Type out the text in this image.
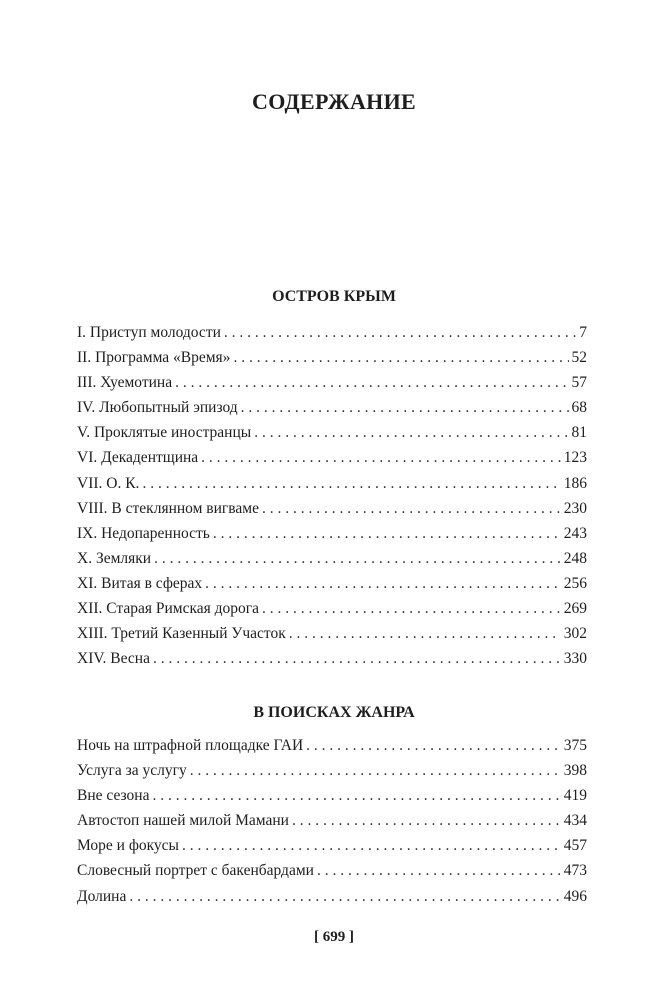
СОДЕРЖАНИЕ
ОСТРОВ КРЫМ
I. Приступ молодости . . .	7
II. Программа «Время» . . .	52
III. Хуемотина . . .	57
IV. Любопытный эпизод . . .	68
V. Проклятые иностранцы . . .	81
VI. Декадентщина . . .	123
VII. О. К. . . .	186
VIII. В стеклянном вигваме . . .	230
IX. Недопаренность . . .	243
X. Земляки . . .	248
XI. Витая в сферах . . .	256
XII. Старая Римская дорога . . .	269
XIII. Третий Казенный Участок . . .	302
XIV. Весна . . .	330
В ПОИСКАХ ЖАНРА
Ночь на штрафной площадке ГАИ . . .	375
Услуга за услугу . . .	398
Вне сезона . . .	419
Автостоп нашей милой Мамани . . .	434
Море и фокусы . . .	457
Словесный портрет с бакенбардами . . .	473
Долина . . .	496
[ 699 ]
